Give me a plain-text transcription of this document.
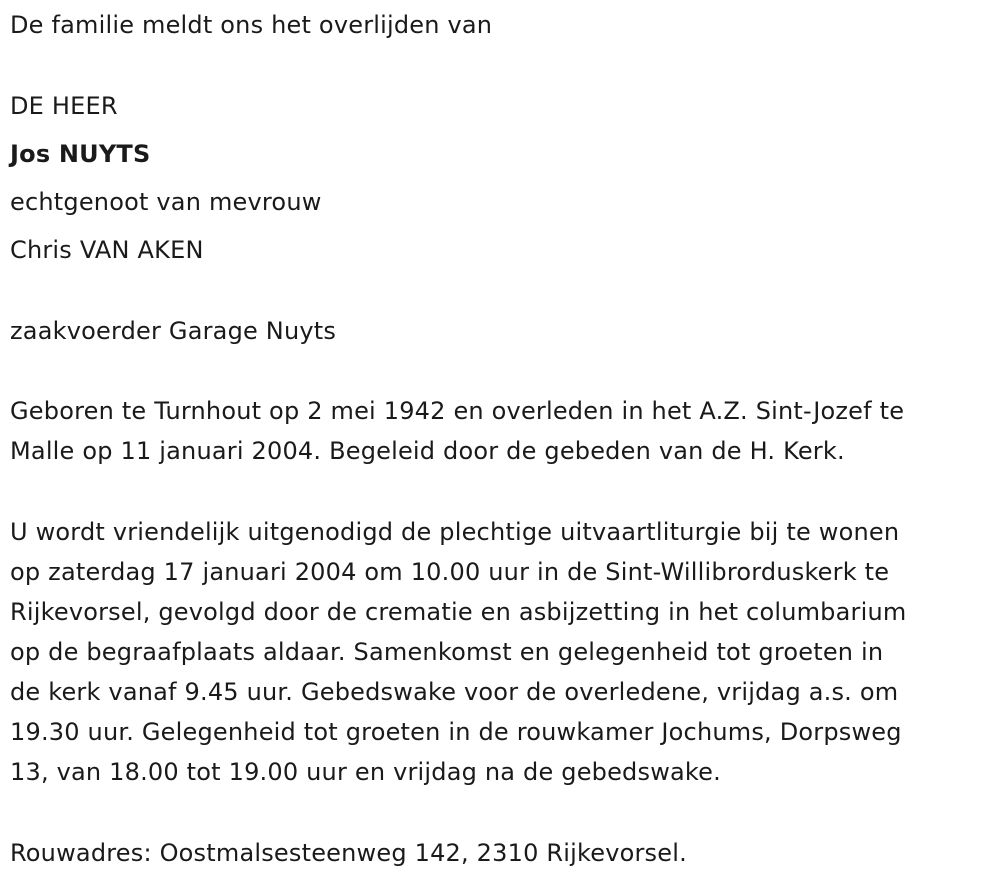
De familie meldt ons het overlijden van
DE HEER
Jos NUYTS
echtgenoot van mevrouw
Chris VAN AKEN
zaakvoerder Garage Nuyts
Geboren te Turnhout op 2 mei 1942 en overleden in het A.Z. Sint-Jozef te
Malle op 11 januari 2004. Begeleid door de gebeden van de H. Kerk.
U wordt vriendelijk uitgenodigd de plechtige uitvaartliturgie bij te wonen
op zaterdag 17 januari 2004 om 10.00 uur in de Sint-Willibrorduskerk te
Rijkevorsel, gevolgd door de crematie en asbijzetting in het columbarium
op de begraafplaats aldaar. Samenkomst en gelegenheid tot groeten in
de kerk vanaf 9.45 uur. Gebedswake voor de overledene, vrijdag a.s. om
19.30 uur. Gelegenheid tot groeten in de rouwkamer Jochums, Dorpsweg
13, van 18.00 tot 19.00 uur en vrijdag na de gebedswake.
Rouwadres: Oostmalsesteenweg 142, 2310 Rijkevorsel.
